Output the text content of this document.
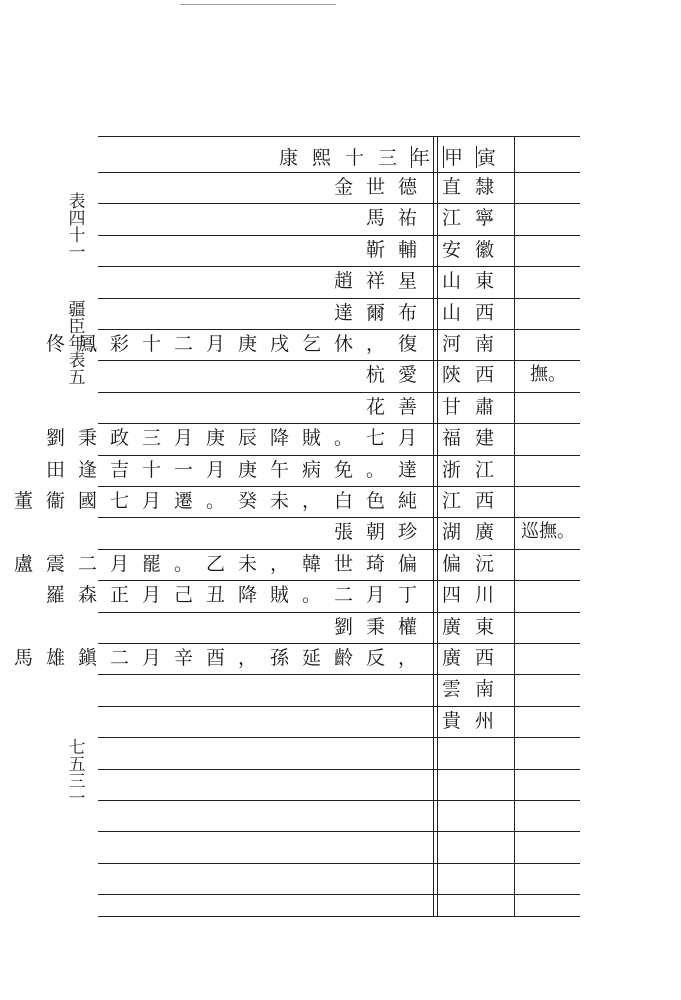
表四十一
疆臣年表五
七五三一
康熙十三年甲寅
金世德 直隸
馬祐 江寧
靳輔 安徽
趙祥星 山東
達爾布 山西
佟鳳彩十二月庚戌乞休，復 河南
杭愛 陝西	撫。
花善 甘肅
劉秉政三月庚辰降賊。七月 福建
田逢吉十一月庚午病免。達 浙江
董衞國七月遷。癸未，白色純 江西
張朝珍 湖廣 巡撫。
盧震二月罷。乙未，韓世琦偏 偏沅
羅森正月己丑降賊。二月丁 四川
劉秉權 廣東
馬雄鎭二月辛酉，孫延齡反， 廣西
雲南
貴州
